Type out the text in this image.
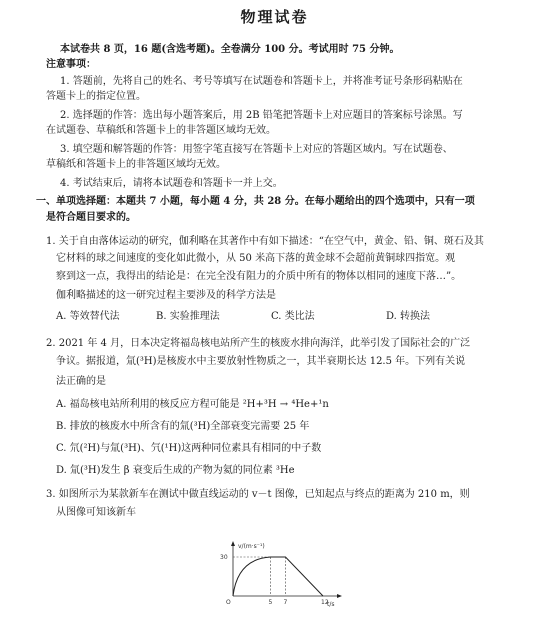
物理试卷
本试卷共 8 页，16 题(含选考题)。全卷满分 100 分。考试用时 75 分钟。
注意事项：
1. 答题前，先将自己的姓名、考号等填写在试题卷和答题卡上，并将准考证号条形码粘贴在
答题卡上的指定位置。
2. 选择题的作答：选出每小题答案后，用 2B 铅笔把答题卡上对应题目的答案标号涂黑。写
在试题卷、草稿纸和答题卡上的非答题区域均无效。
3. 填空题和解答题的作答：用签字笔直接写在答题卡上对应的答题区域内。写在试题卷、
草稿纸和答题卡上的非答题区域均无效。
4. 考试结束后，请将本试题卷和答题卡一并上交。
一、单项选择题：本题共 7 小题，每小题 4 分，共 28 分。在每小题给出的四个选项中，只有一项
是符合题目要求的。
1. 关于自由落体运动的研究，伽利略在其著作中有如下描述：“在空气中，黄金、铅、铜、斑石及其
它材料的球之间速度的变化如此微小，从 50 米高下落的黄金球不会超前黄铜球四指宽。观
察到这一点，我得出的结论是：在完全没有阻力的介质中所有的物体以相同的速度下落…”。
伽利略描述的这一研究过程主要涉及的科学方法是
A. 等效替代法	B. 实验推理法	C. 类比法	D. 转换法
2. 2021 年 4 月，日本决定将福岛核电站所产生的核废水排向海洋，此举引发了国际社会的广泛
争议。据报道，氚(³H)是核废水中主要放射性物质之一，其半衰期长达 12.5 年。下列有关说
法正确的是
A. 福岛核电站所利用的核反应方程可能是 ²H+³H → ⁴He+¹n
B. 排放的核废水中所含有的氚(³H)全部衰变完需要 25 年
C. 氘(²H)与氚(³H)、氕(¹H)这两种同位素具有相同的中子数
D. 氚(³H)发生 β 衰变后生成的产物为氦的同位素 ³He
3. 如图所示为某款新车在测试中做直线运动的 v－t 图像，已知起点与终点的距离为 210 m，则
从图像可知该新车
v/(m·s⁻¹)
t/s
O	5 7	12
30
